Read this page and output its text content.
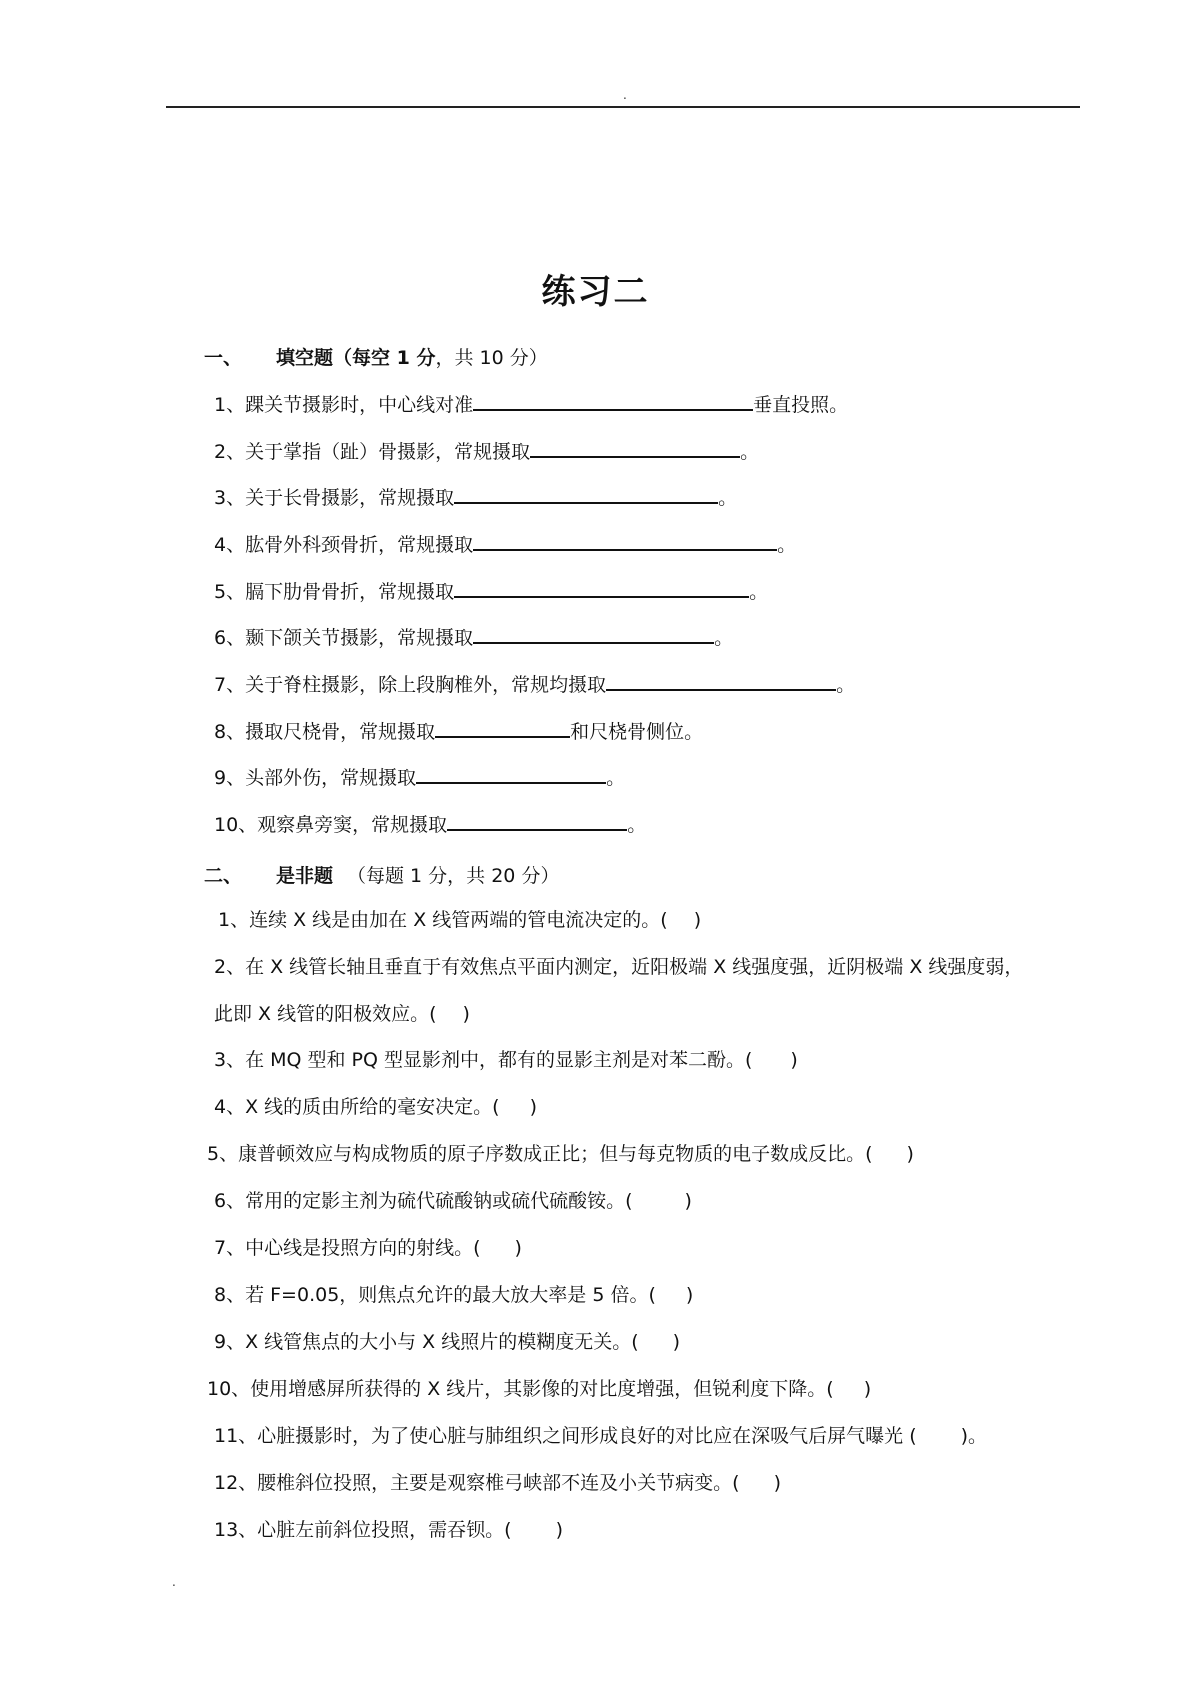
.
练习二
一、 填空题（每空 1 分，共 10 分）
1、踝关节摄影时，中心线对准	垂直投照。
2、关于掌指（趾）骨摄影，常规摄取	。
3、关于长骨摄影，常规摄取	。
4、肱骨外科颈骨折，常规摄取	。
5、膈下肋骨骨折，常规摄取	。
6、颞下颌关节摄影，常规摄取	。
7、关于脊柱摄影，除上段胸椎外，常规均摄取	。
8、摄取尺桡骨，常规摄取	和尺桡骨侧位。
9、头部外伤，常规摄取	。
10、观察鼻旁窦，常规摄取	。
二、 是非题 （每题 1 分，共 20 分）
1、连续 X 线是由加在 X 线管两端的管电流决定的。( )
2、在 X 线管长轴且垂直于有效焦点平面内测定，近阳极端 X 线强度强，近阴极端 X 线强度弱，
此即 X 线管的阳极效应。( )
3、在 MQ 型和 PQ 型显影剂中，都有的显影主剂是对苯二酚。( )
4、X 线的质由所给的毫安决定。( )
5、康普顿效应与构成物质的原子序数成正比；但与每克物质的电子数成反比。( )
6、常用的定影主剂为硫代硫酸钠或硫代硫酸铵。(	)
7、中心线是投照方向的射线。( )
8、若 F=0.05，则焦点允许的最大放大率是 5 倍。( )
9、X 线管焦点的大小与 X 线照片的模糊度无关。( )
10、使用增感屏所获得的 X 线片，其影像的对比度增强，但锐利度下降。( )
11、心脏摄影时，为了使心脏与肺组织之间形成良好的对比应在深吸气后屏气曝光 ( )。
12、腰椎斜位投照，主要是观察椎弓峡部不连及小关节病变。( )
13、心脏左前斜位投照，需吞钡。( )
.
